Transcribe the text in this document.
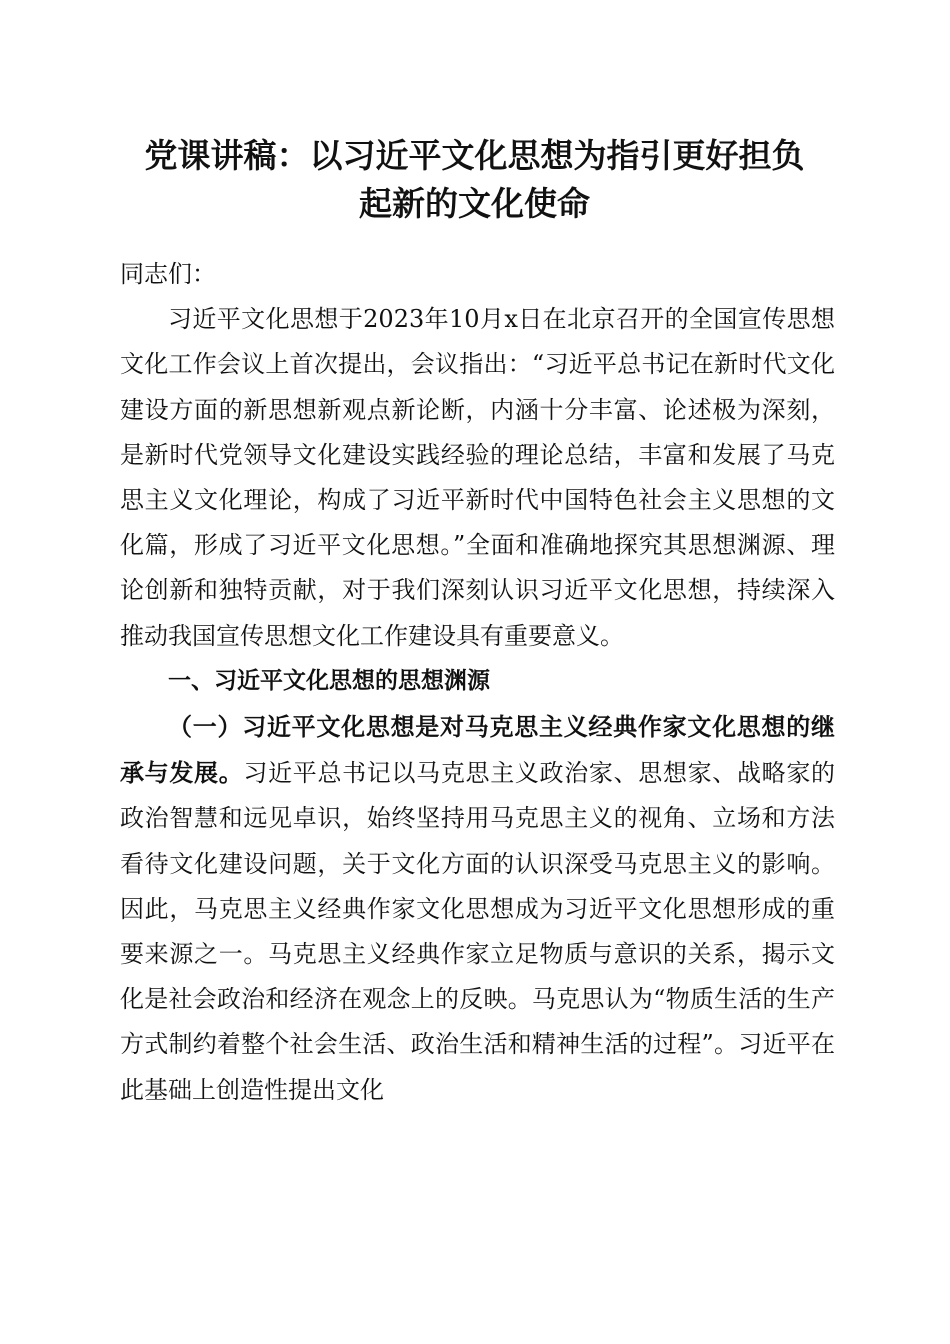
党课讲稿：以习近平文化思想为指引更好担负
起新的文化使命

同志们：

习近平文化思想于2023年10月x日在北京召开的全国宣传思想文化工作会议上首次提出，会议指出：“习近平总书记在新时代文化建设方面的新思想新观点新论断，内涵十分丰富、论述极为深刻，是新时代党领导文化建设实践经验的理论总结，丰富和发展了马克思主义文化理论，构成了习近平新时代中国特色社会主义思想的文化篇，形成了习近平文化思想。”全面和准确地探究其思想渊源、理论创新和独特贡献，对于我们深刻认识习近平文化思想，持续深入推动我国宣传思想文化工作建设具有重要意义。

一、习近平文化思想的思想渊源

（一）习近平文化思想是对马克思主义经典作家文化思想的继承与发展。习近平总书记以马克思主义政治家、思想家、战略家的政治智慧和远见卓识，始终坚持用马克思主义的视角、立场和方法看待文化建设问题，关于文化方面的认识深受马克思主义的影响。因此，马克思主义经典作家文化思想成为习近平文化思想形成的重要来源之一。马克思主义经典作家立足物质与意识的关系，揭示文化是社会政治和经济在观念上的反映。马克思认为“物质生活的生产方式制约着整个社会生活、政治生活和精神生活的过程”。习近平在此基础上创造性提出文化
